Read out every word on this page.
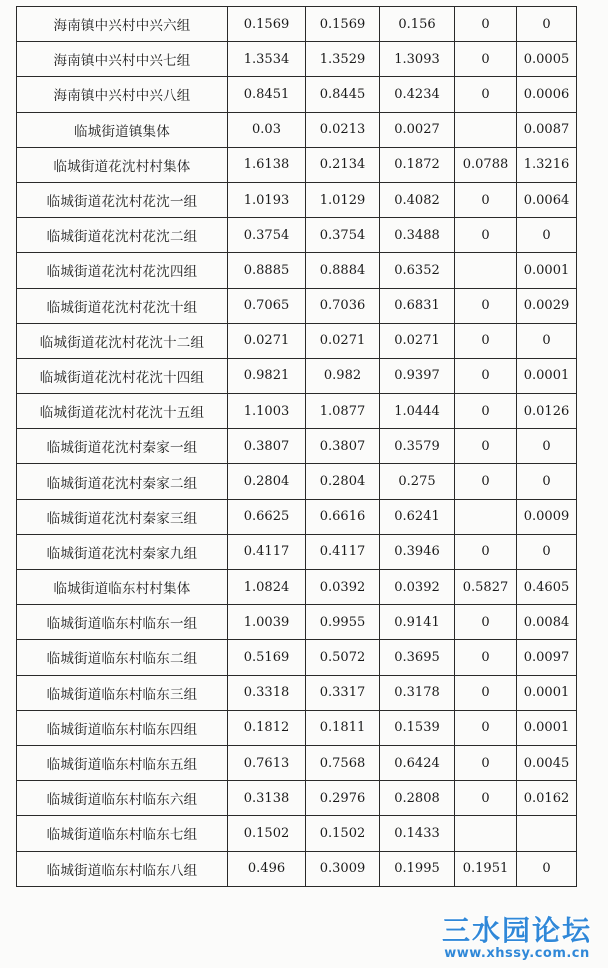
海南镇中兴村中兴六组	0.1569	0.1569	0.156	0	0
海南镇中兴村中兴七组	1.3534	1.3529	1.3093	0	0.0005
海南镇中兴村中兴八组	0.8451	0.8445	0.4234	0	0.0006
临城街道镇集体	0.03	0.0213	0.0027		0.0087
临城街道花沈村村集体	1.6138	0.2134	0.1872	0.0788	1.3216
临城街道花沈村花沈一组	1.0193	1.0129	0.4082	0	0.0064
临城街道花沈村花沈二组	0.3754	0.3754	0.3488	0	0
临城街道花沈村花沈四组	0.8885	0.8884	0.6352		0.0001
临城街道花沈村花沈十组	0.7065	0.7036	0.6831	0	0.0029
临城街道花沈村花沈十二组	0.0271	0.0271	0.0271	0	0
临城街道花沈村花沈十四组	0.9821	0.982	0.9397	0	0.0001
临城街道花沈村花沈十五组	1.1003	1.0877	1.0444	0	0.0126
临城街道花沈村秦家一组	0.3807	0.3807	0.3579	0	0
临城街道花沈村秦家二组	0.2804	0.2804	0.275	0	0
临城街道花沈村秦家三组	0.6625	0.6616	0.6241		0.0009
临城街道花沈村秦家九组	0.4117	0.4117	0.3946	0	0
临城街道临东村村集体	1.0824	0.0392	0.0392	0.5827	0.4605
临城街道临东村临东一组	1.0039	0.9955	0.9141	0	0.0084
临城街道临东村临东二组	0.5169	0.5072	0.3695	0	0.0097
临城街道临东村临东三组	0.3318	0.3317	0.3178	0	0.0001
临城街道临东村临东四组	0.1812	0.1811	0.1539	0	0.0001
临城街道临东村临东五组	0.7613	0.7568	0.6424	0	0.0045
临城街道临东村临东六组	0.3138	0.2976	0.2808	0	0.0162
临城街道临东村临东七组	0.1502	0.1502	0.1433		
临城街道临东村临东八组	0.496	0.3009	0.1995	0.1951	0
三水园论坛
www.xhssy.com.cn
